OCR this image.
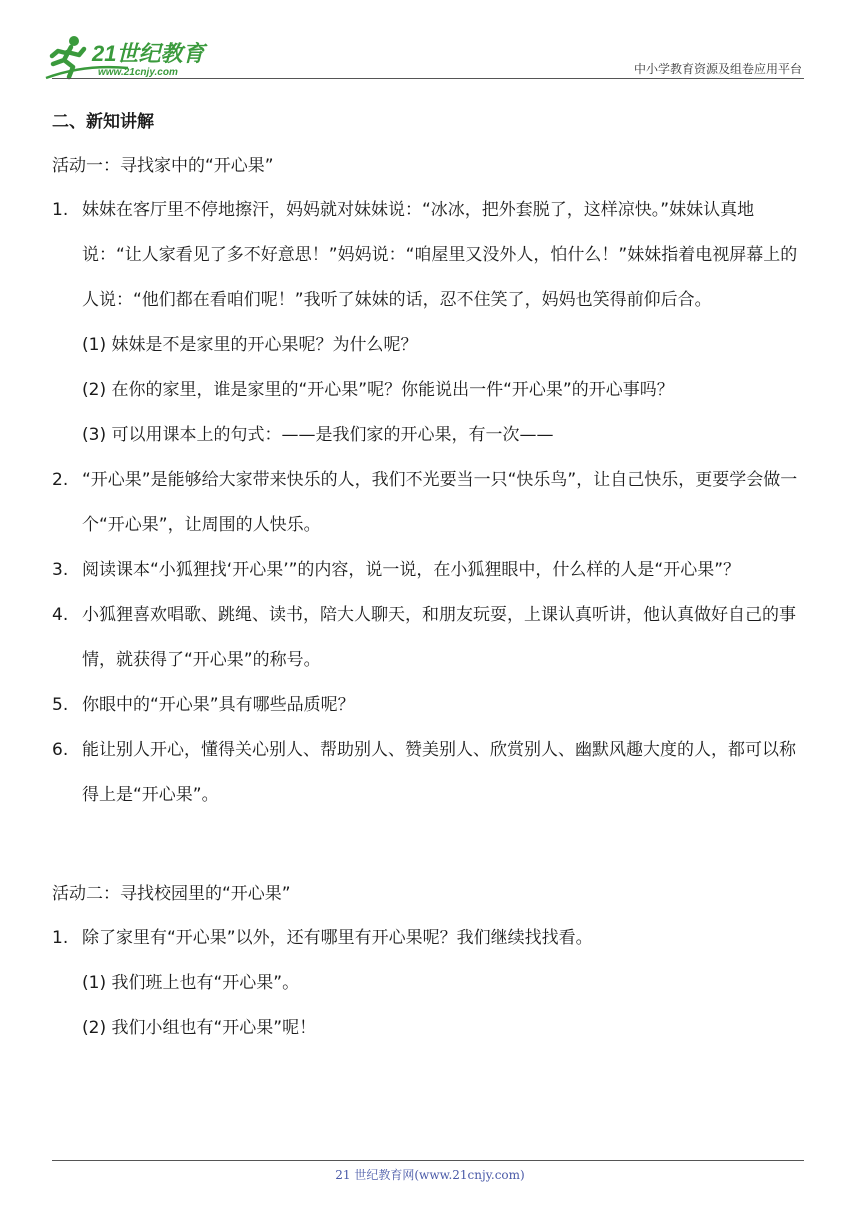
21世纪教育
www.21cnjy.com	中小学教育资源及组卷应用平台
二、新知讲解
活动一：寻找家中的“开心果”
1. 妹妹在客厅里不停地擦汗，妈妈就对妹妹说：“冰冰，把外套脱了，这样凉快。”妹妹认真地说：“让人家看见了多不好意思！”妈妈说：“咱屋里又没外人，怕什么！”妹妹指着电视屏幕上的人说：“他们都在看咱们呢！”我听了妹妹的话，忍不住笑了，妈妈也笑得前仰后合。
(1) 妹妹是不是家里的开心果呢？为什么呢？
(2) 在你的家里，谁是家里的“开心果”呢？你能说出一件“开心果”的开心事吗？
(3) 可以用课本上的句式：——是我们家的开心果，有一次——
2. “开心果”是能够给大家带来快乐的人，我们不光要当一只“快乐鸟”，让自己快乐，更要学会做一个“开心果”，让周围的人快乐。
3. 阅读课本“小狐狸找‘开心果’”的内容，说一说，在小狐狸眼中，什么样的人是“开心果”？
4. 小狐狸喜欢唱歌、跳绳、读书，陪大人聊天，和朋友玩耍，上课认真听讲，他认真做好自己的事情，就获得了“开心果”的称号。
5. 你眼中的“开心果”具有哪些品质呢？
6. 能让别人开心，懂得关心别人、帮助别人、赞美别人、欣赏别人、幽默风趣大度的人，都可以称得上是“开心果”。
活动二：寻找校园里的“开心果”
1. 除了家里有“开心果”以外，还有哪里有开心果呢？我们继续找找看。
(1) 我们班上也有“开心果”。
(2) 我们小组也有“开心果”呢！
21 世纪教育网(www.21cnjy.com)
